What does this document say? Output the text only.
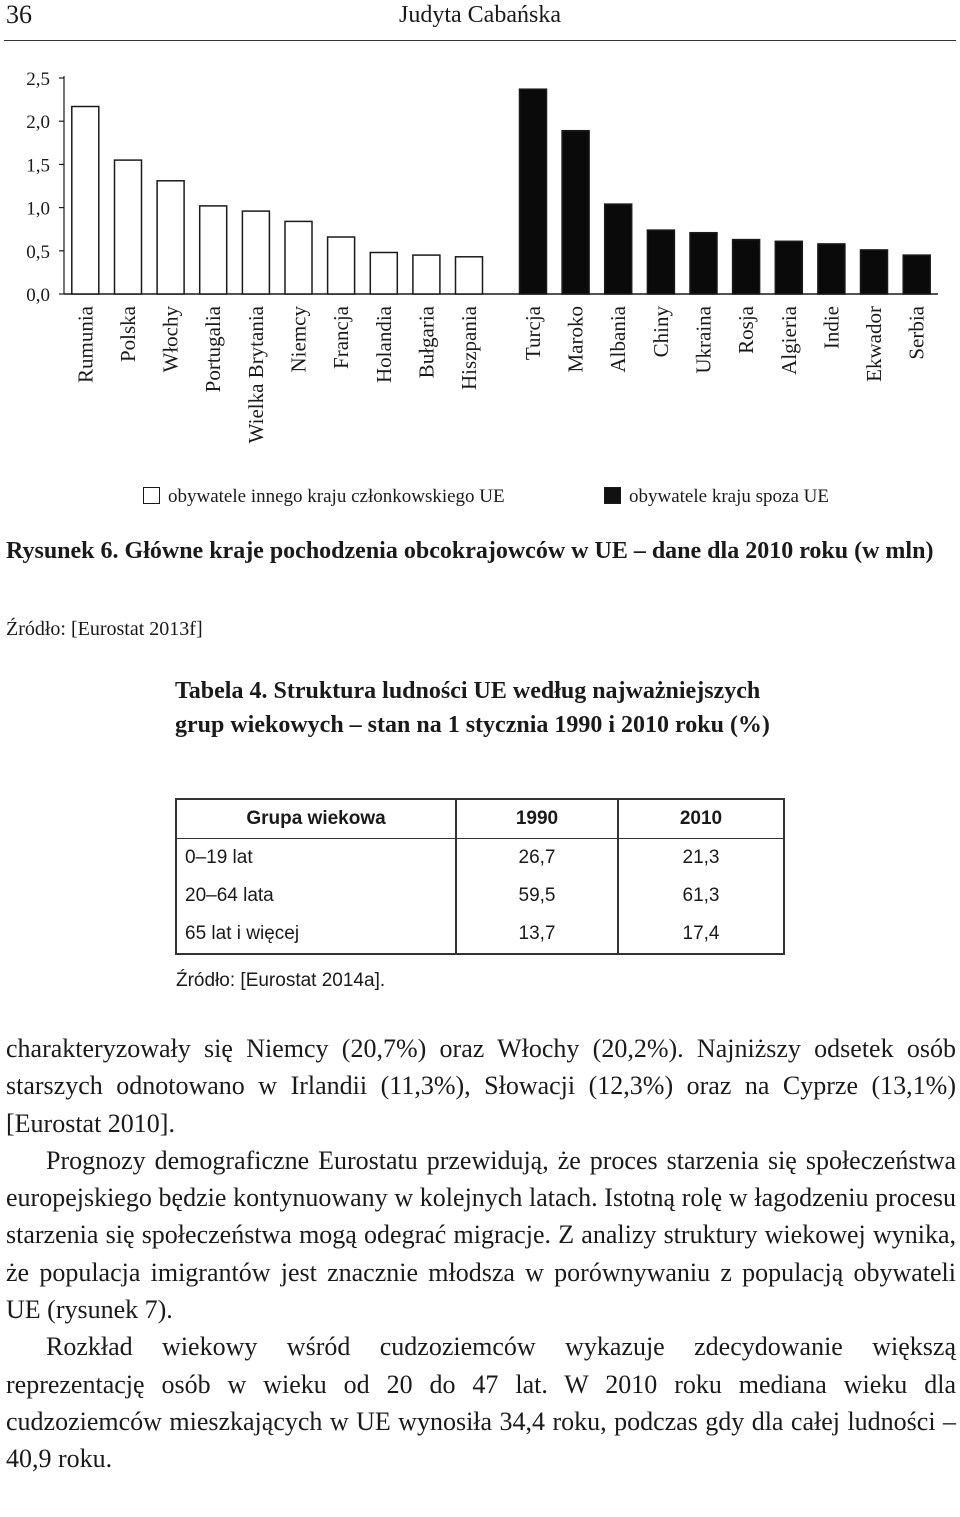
36	Judyta Cabańska
0,0
0,5
1,0
1,5
2,0
2,5
Rumunia Polska Włochy Portugalia Wielka Brytania Niemcy Francja Holandia Bułgaria Hiszpania Turcja Maroko Albania Chiny Ukraina Rosja Algieria Indie Ekwador Serbia
obywatele innego kraju członkowskiego UE	obywatele kraju spoza UE
Rysunek 6. Główne kraje pochodzenia obcokrajowców w UE – dane dla 2010 roku (w mln)
Źródło: [Eurostat 2013f]
Tabela 4. Struktura ludności UE według najważniejszych grup wiekowych – stan na 1 stycznia 1990 i 2010 roku (%)
Grupa wiekowa	1990	2010
0–19 lat	26,7	21,3
20–64 lata	59,5	61,3
65 lat i więcej	13,7	17,4
Źródło: [Eurostat 2014a].

charakteryzowały się Niemcy (20,7%) oraz Włochy (20,2%). Najniższy odsetek osób starszych odnotowano w Irlandii (11,3%), Słowacji (12,3%) oraz na Cyprze (13,1%) [Eurostat 2010].

Prognozy demograficzne Eurostatu przewidują, że proces starzenia się społeczeństwa europejskiego będzie kontynuowany w kolejnych latach. Istotną rolę w łagodzeniu procesu starzenia się społeczeństwa mogą odegrać migracje. Z analizy struktury wiekowej wynika, że populacja imigrantów jest znacznie młodsza w porównywaniu z populacją obywateli UE (rysunek 7).

Rozkład wiekowy wśród cudzoziemców wykazuje zdecydowanie większą reprezentację osób w wieku od 20 do 47 lat. W 2010 roku mediana wieku dla cudzoziemców mieszkających w UE wynosiła 34,4 roku, podczas gdy dla całej ludności – 40,9 roku.
